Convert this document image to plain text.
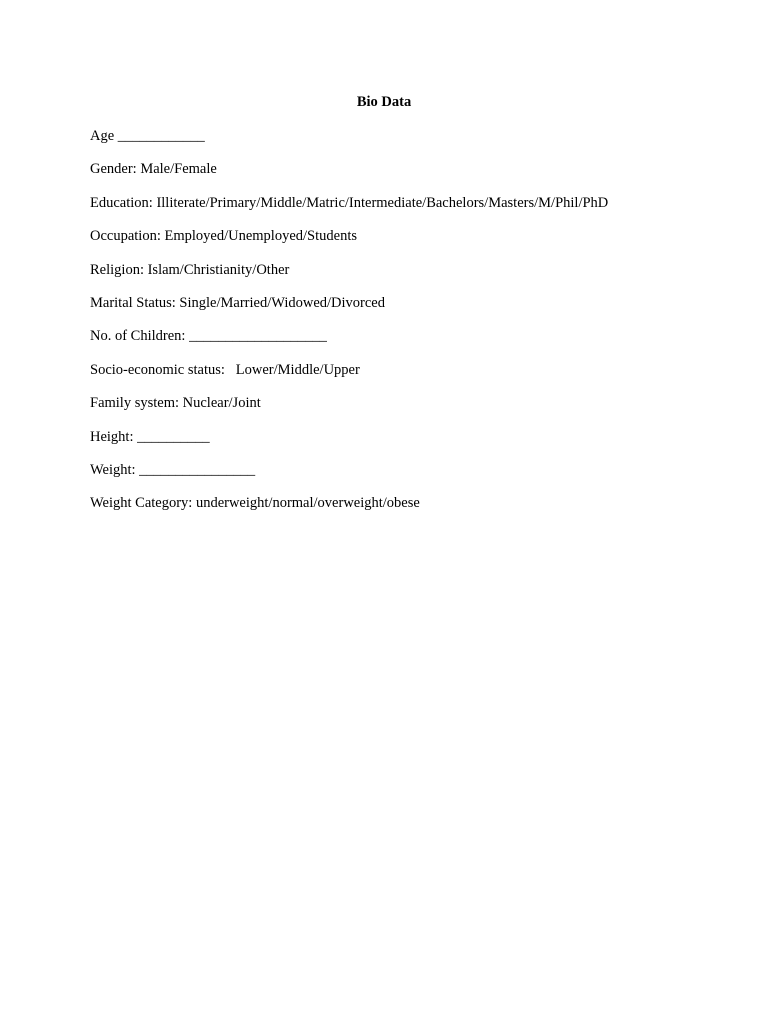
Bio Data
Age ____________
Gender: Male/Female
Education: Illiterate/Primary/Middle/Matric/Intermediate/Bachelors/Masters/M/Phil/PhD
Occupation: Employed/Unemployed/Students
Religion: Islam/Christianity/Other
Marital Status: Single/Married/Widowed/Divorced
No. of Children: ___________________
Socio-economic status:   Lower/Middle/Upper
Family system: Nuclear/Joint
Height: __________
Weight: ________________
Weight Category: underweight/normal/overweight/obese
